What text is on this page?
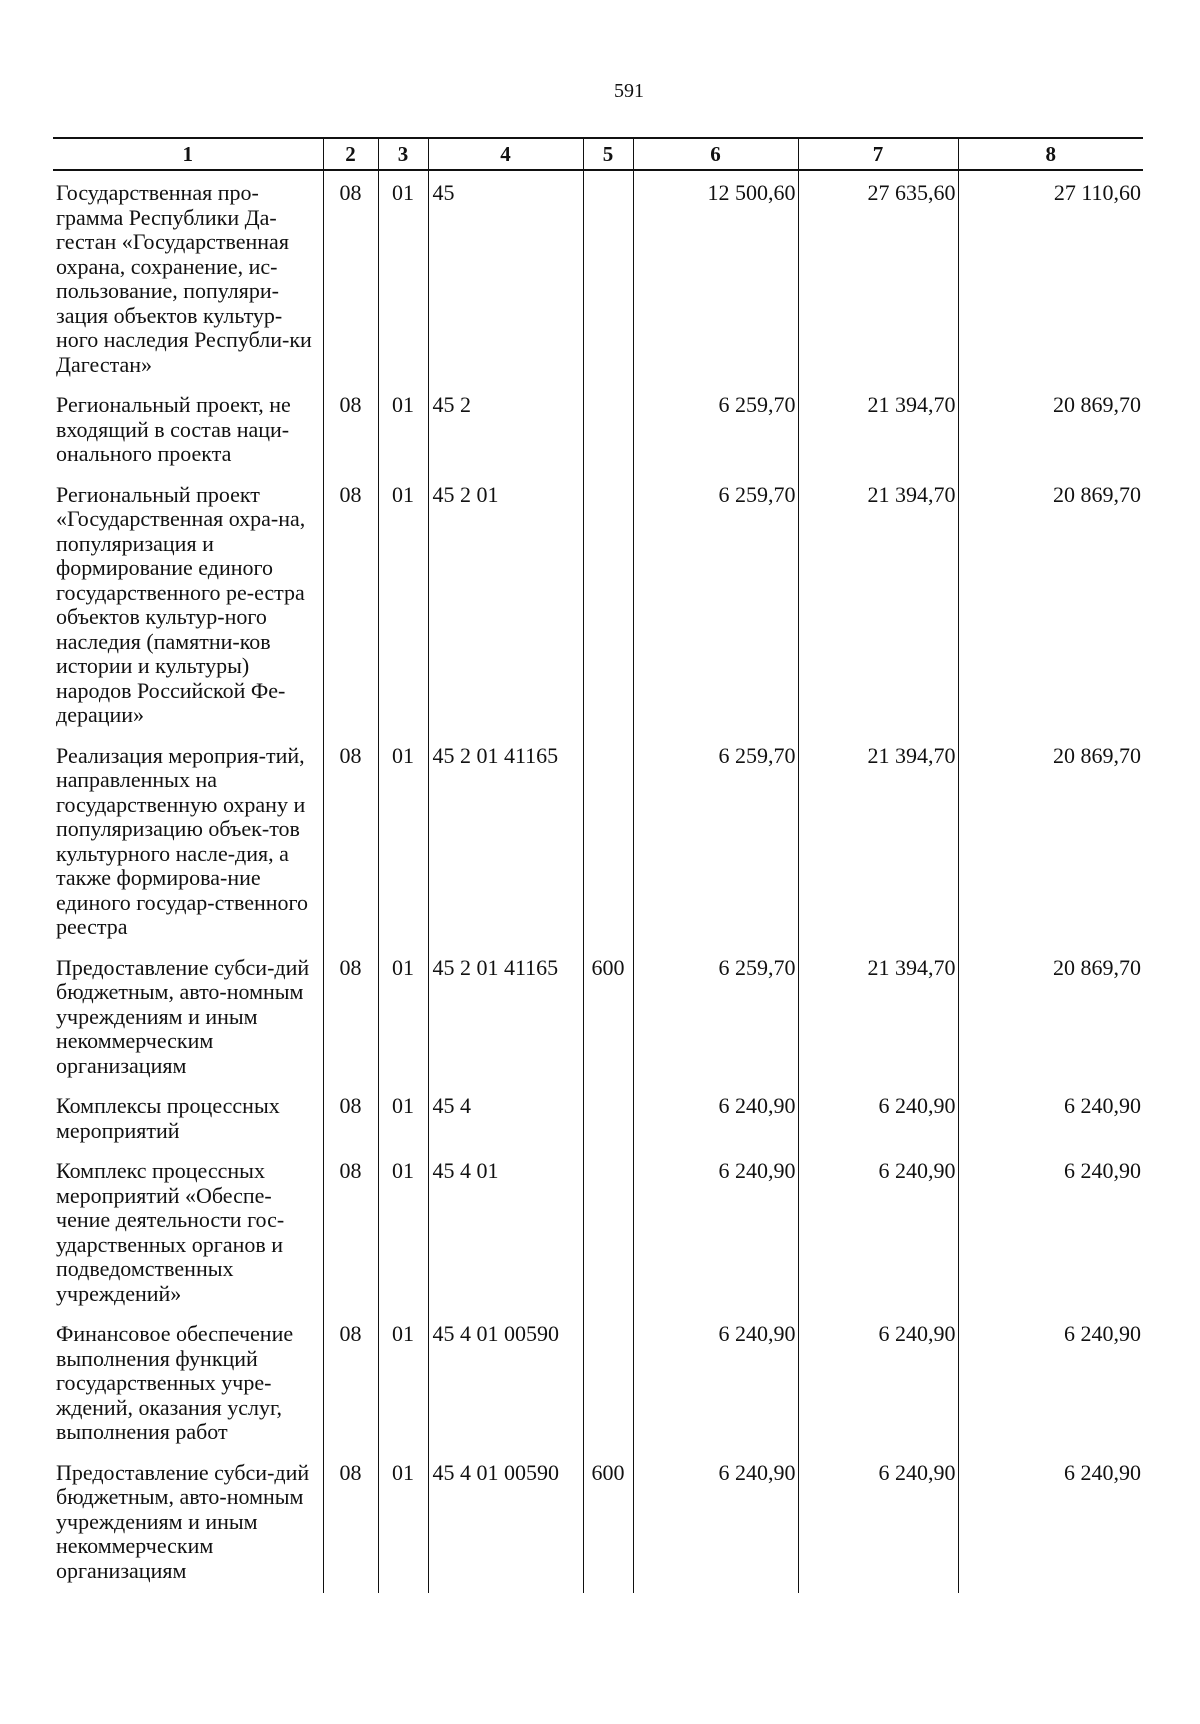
591
1	2	3	4	5	6	7	8
Государственная про-грамма Республики Да-гестан «Государственная охрана, сохранение, ис-пользование, популяри-зация объектов культур-ного наследия Республи-ки Дагестан»	08	01	45		12 500,60	27 635,60	27 110,60
Региональный проект, не входящий в состав наци-онального проекта	08	01	45 2		6 259,70	21 394,70	20 869,70
Региональный проект «Государственная охра-на, популяризация и формирование единого государственного ре-естра объектов культур-ного наследия (памятни-ков истории и культуры) народов Российской Фе-дерации»	08	01	45 2 01		6 259,70	21 394,70	20 869,70
Реализация мероприя-тий, направленных на государственную охрану и популяризацию объек-тов культурного насле-дия, а также формирова-ние единого государ-ственного реестра	08	01	45 2 01 41165		6 259,70	21 394,70	20 869,70
Предоставление субси-дий бюджетным, авто-номным учреждениям и иным некоммерческим организациям	08	01	45 2 01 41165	600	6 259,70	21 394,70	20 869,70
Комплексы процессных мероприятий	08	01	45 4		6 240,90	6 240,90	6 240,90
Комплекс процессных мероприятий «Обеспе-чение деятельности гос-ударственных органов и подведомственных учреждений»	08	01	45 4 01		6 240,90	6 240,90	6 240,90
Финансовое обеспечение выполнения функций государственных учре-ждений, оказания услуг, выполнения работ	08	01	45 4 01 00590		6 240,90	6 240,90	6 240,90
Предоставление субси-дий бюджетным, авто-номным учреждениям и иным некоммерческим организациям	08	01	45 4 01 00590	600	6 240,90	6 240,90	6 240,90
